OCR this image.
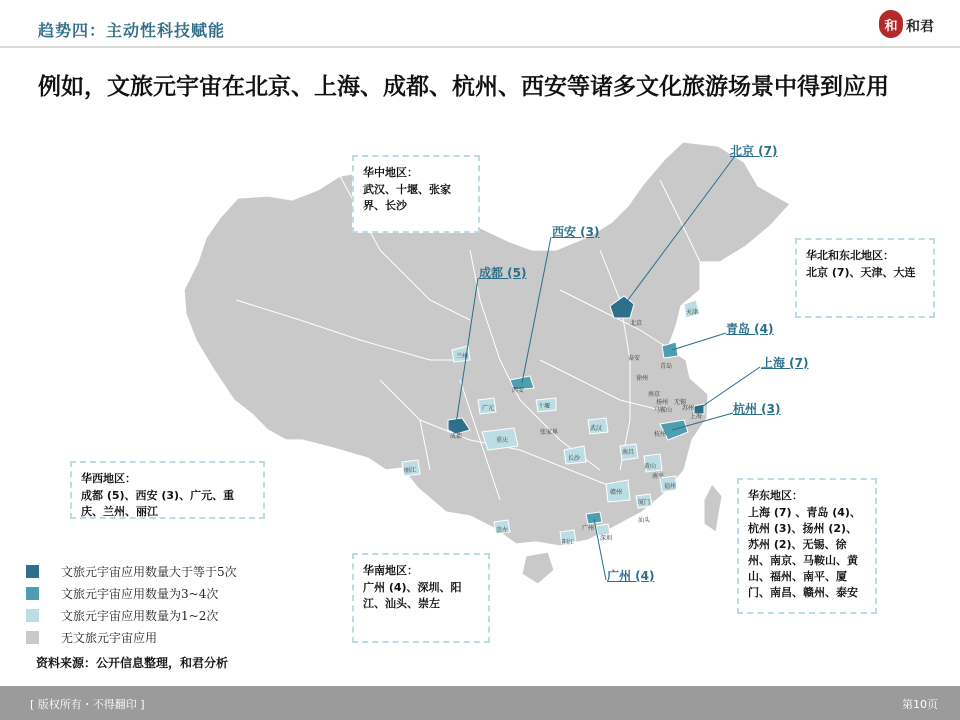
趋势四：主动性科技赋能	和 和君
例如，文旅元宇宙在北京、上海、成都、杭州、西安等诸多文化旅游场景中得到应用
北京
天津
青岛
上海
杭州
成都
西安
广州
深圳
重庆
兰州
丽江
武汉
长沙
南京
福州
厦门
南昌
汕头
崇左
阳江
泰安
赣州
黄山
十堰
张家界
马鞍山
南平
扬州
苏州
无锡
徐州
广元
北京 (7)
西安 (3)
成都 (5)
青岛 (4)
上海 (7)
杭州 (3)
广州 (4)
华中地区：
武汉、十堰、张家界、长沙
华北和东北地区：
北京 (7)、天津、大连
华西地区：
成都 (5)、西安 (3)、广元、重庆、兰州、丽江
华东地区：
上海 (7) 、青岛 (4)、杭州 (3)、扬州 (2)、苏州 (2)、无锡、徐州、南京、马鞍山、黄山、福州、南平、厦门、南昌、赣州、泰安
华南地区：
广州 (4)、深圳、阳江、汕头、崇左
文旅元宇宙应用数量大于等于5次
文旅元宇宙应用数量为3~4次
文旅元宇宙应用数量为1~2次
无文旅元宇宙应用
资料来源：公开信息整理，和君分析
[ 版权所有・不得翻印 ]	第10页
